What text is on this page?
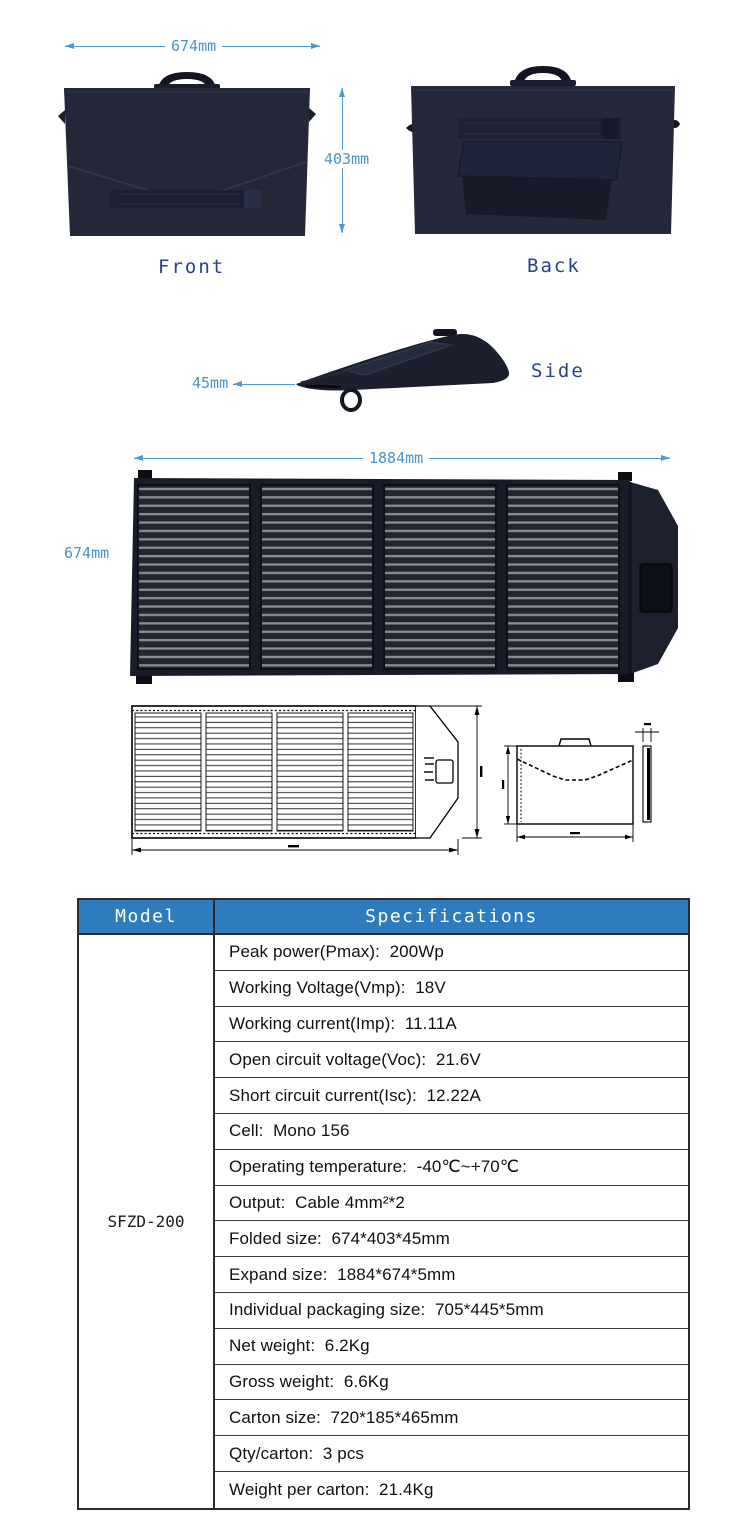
674mm
403mm
Front	Back
45mm
Side
1884mm
674mm
Model	Specifications
SFZD-200
Peak power(Pmax):  200Wp
Working Voltage(Vmp):  18V
Working current(Imp):  11.11A
Open circuit voltage(Voc):  21.6V
Short circuit current(Isc):  12.22A
Cell:  Mono 156
Operating temperature:  -40℃~+70℃
Output:  Cable 4mm²*2
Folded size:  674*403*45mm
Expand size:  1884*674*5mm
Individual packaging size:  705*445*5mm
Net weight:  6.2Kg
Gross weight:  6.6Kg
Carton size:  720*185*465mm
Qty/carton:  3 pcs
Weight per carton:  21.4Kg
